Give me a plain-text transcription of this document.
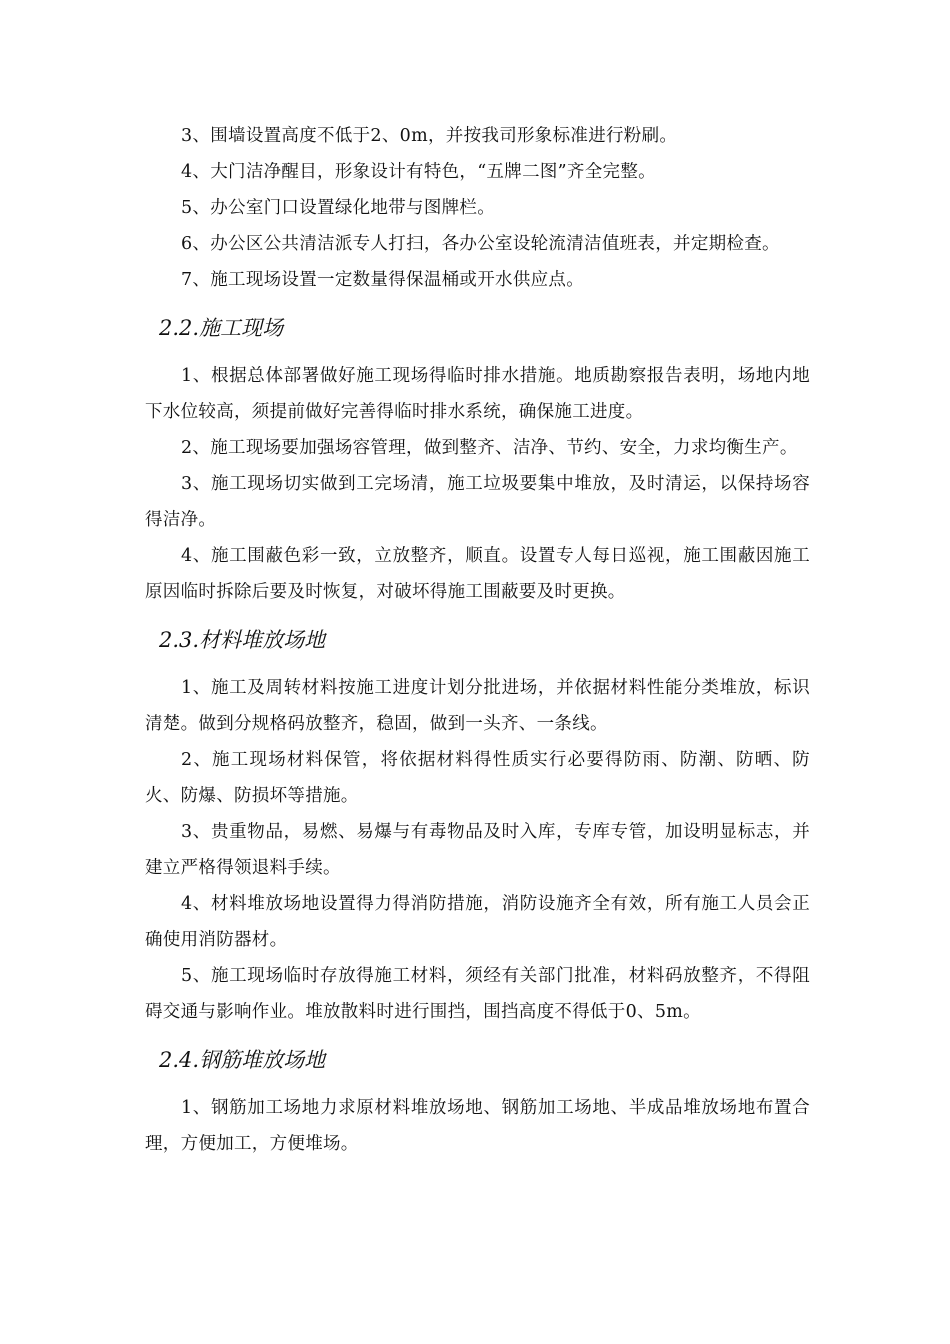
3、围墙设置高度不低于2、0m，并按我司形象标准进行粉刷。

4、大门洁净醒目，形象设计有特色，“五牌二图”齐全完整。

5、办公室门口设置绿化地带与图牌栏。

6、办公区公共清洁派专人打扫，各办公室设轮流清洁值班表，并定期检查。

7、施工现场设置一定数量得保温桶或开水供应点。

2.2.施工现场

1、根据总体部署做好施工现场得临时排水措施。地质勘察报告表明，场地内地下水位较高，须提前做好完善得临时排水系统，确保施工进度。

2、施工现场要加强场容管理，做到整齐、洁净、节约、安全，力求均衡生产。

3、施工现场切实做到工完场清，施工垃圾要集中堆放，及时清运，以保持场容得洁净。

4、施工围蔽色彩一致，立放整齐，顺直。设置专人每日巡视，施工围蔽因施工原因临时拆除后要及时恢复，对破坏得施工围蔽要及时更换。

2.3.材料堆放场地

1、施工及周转材料按施工进度计划分批进场，并依据材料性能分类堆放，标识清楚。做到分规格码放整齐，稳固，做到一头齐、一条线。

2、施工现场材料保管，将依据材料得性质实行必要得防雨、防潮、防晒、防火、防爆、防损坏等措施。

3、贵重物品，易燃、易爆与有毒物品及时入库，专库专管，加设明显标志，并建立严格得领退料手续。

4、材料堆放场地设置得力得消防措施，消防设施齐全有效，所有施工人员会正确使用消防器材。

5、施工现场临时存放得施工材料，须经有关部门批准，材料码放整齐，不得阻碍交通与影响作业。堆放散料时进行围挡，围挡高度不得低于0、5m。

2.4.钢筋堆放场地

1、钢筋加工场地力求原材料堆放场地、钢筋加工场地、半成品堆放场地布置合理，方便加工，方便堆场。
